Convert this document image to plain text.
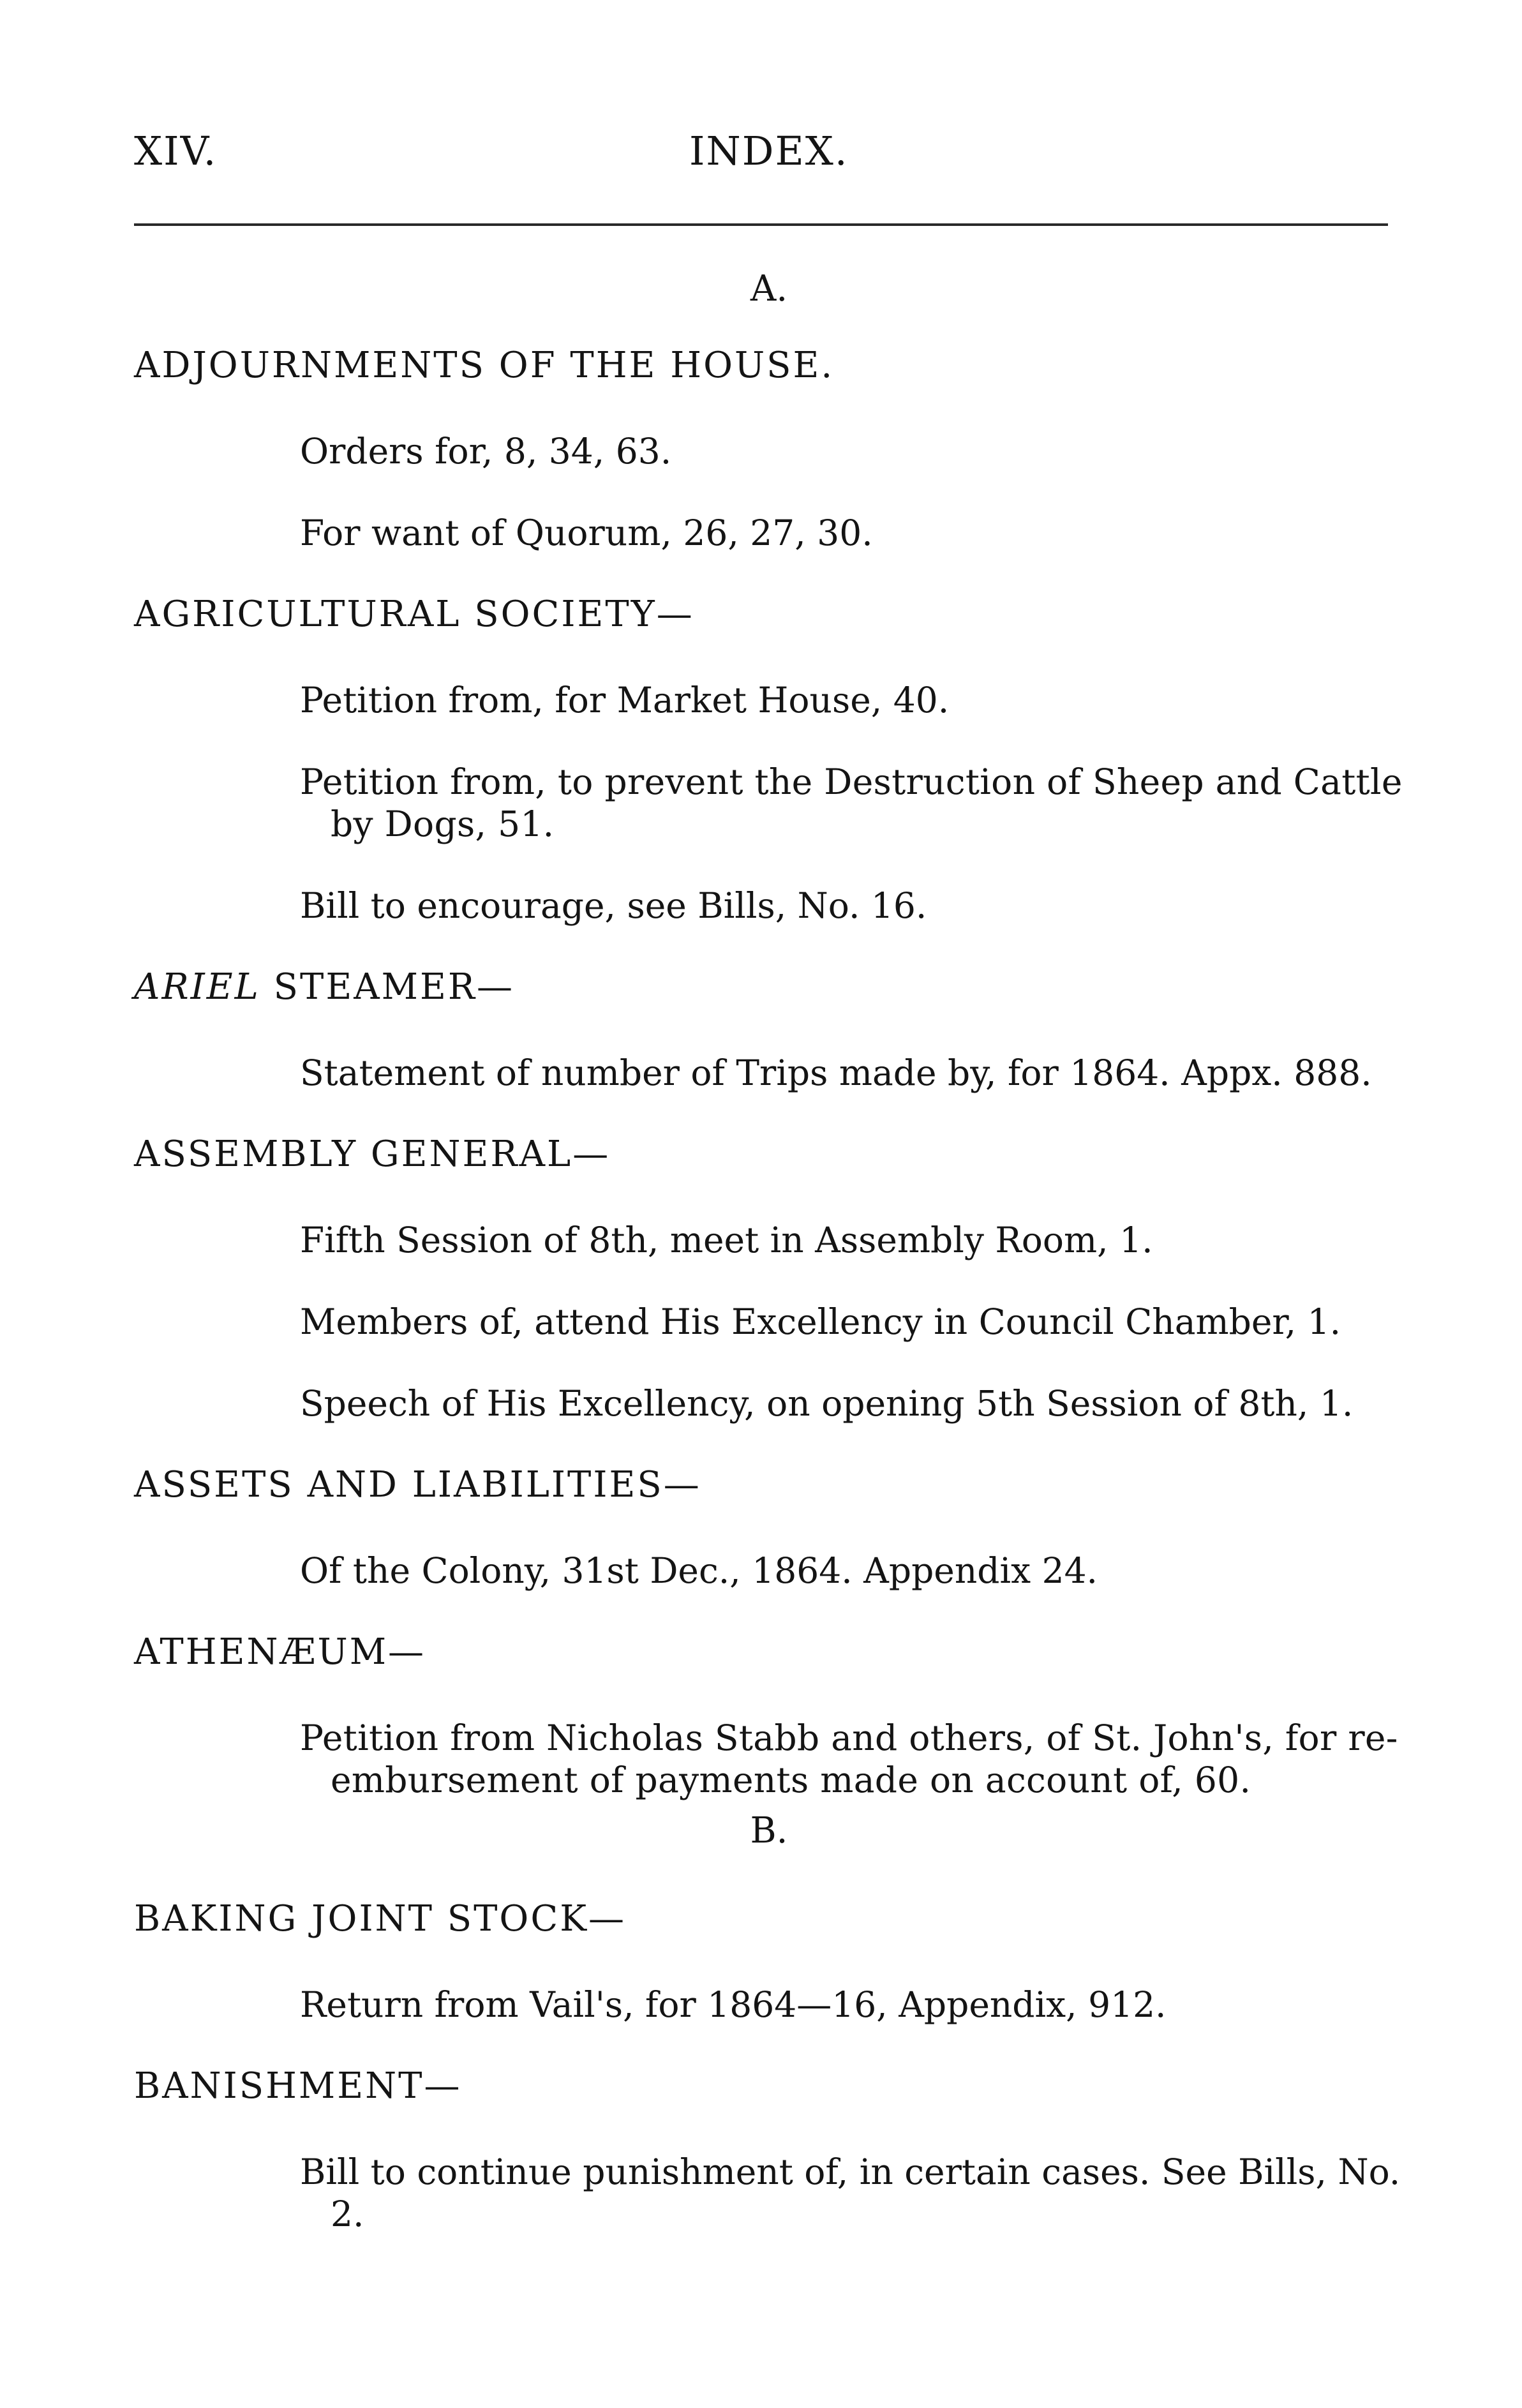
XIV.	INDEX.
A.
ADJOURNMENTS OF THE HOUSE.
Orders for, 8, 34, 63.
For want of Quorum, 26, 27, 30.
AGRICULTURAL SOCIETY—
Petition from, for Market House, 40.
Petition from, to prevent the Destruction of Sheep and Cattle by Dogs, 51.
Bill to encourage, see Bills, No. 16.
ARIEL STEAMER—
Statement of number of Trips made by, for 1864. Appx. 888.
ASSEMBLY GENERAL—
Fifth Session of 8th, meet in Assembly Room, 1.
Members of, attend His Excellency in Council Chamber, 1.
Speech of His Excellency, on opening 5th Session of 8th, 1.
ASSETS AND LIABILITIES—
Of the Colony, 31st Dec., 1864. Appendix 24.
ATHENÆUM—
Petition from Nicholas Stabb and others, of St. John's, for re-embursement of payments made on account of, 60.
B.
BAKING JOINT STOCK—
Return from Vail's, for 1864—16, Appendix, 912.
BANISHMENT—
Bill to continue punishment of, in certain cases. See Bills, No. 2.
